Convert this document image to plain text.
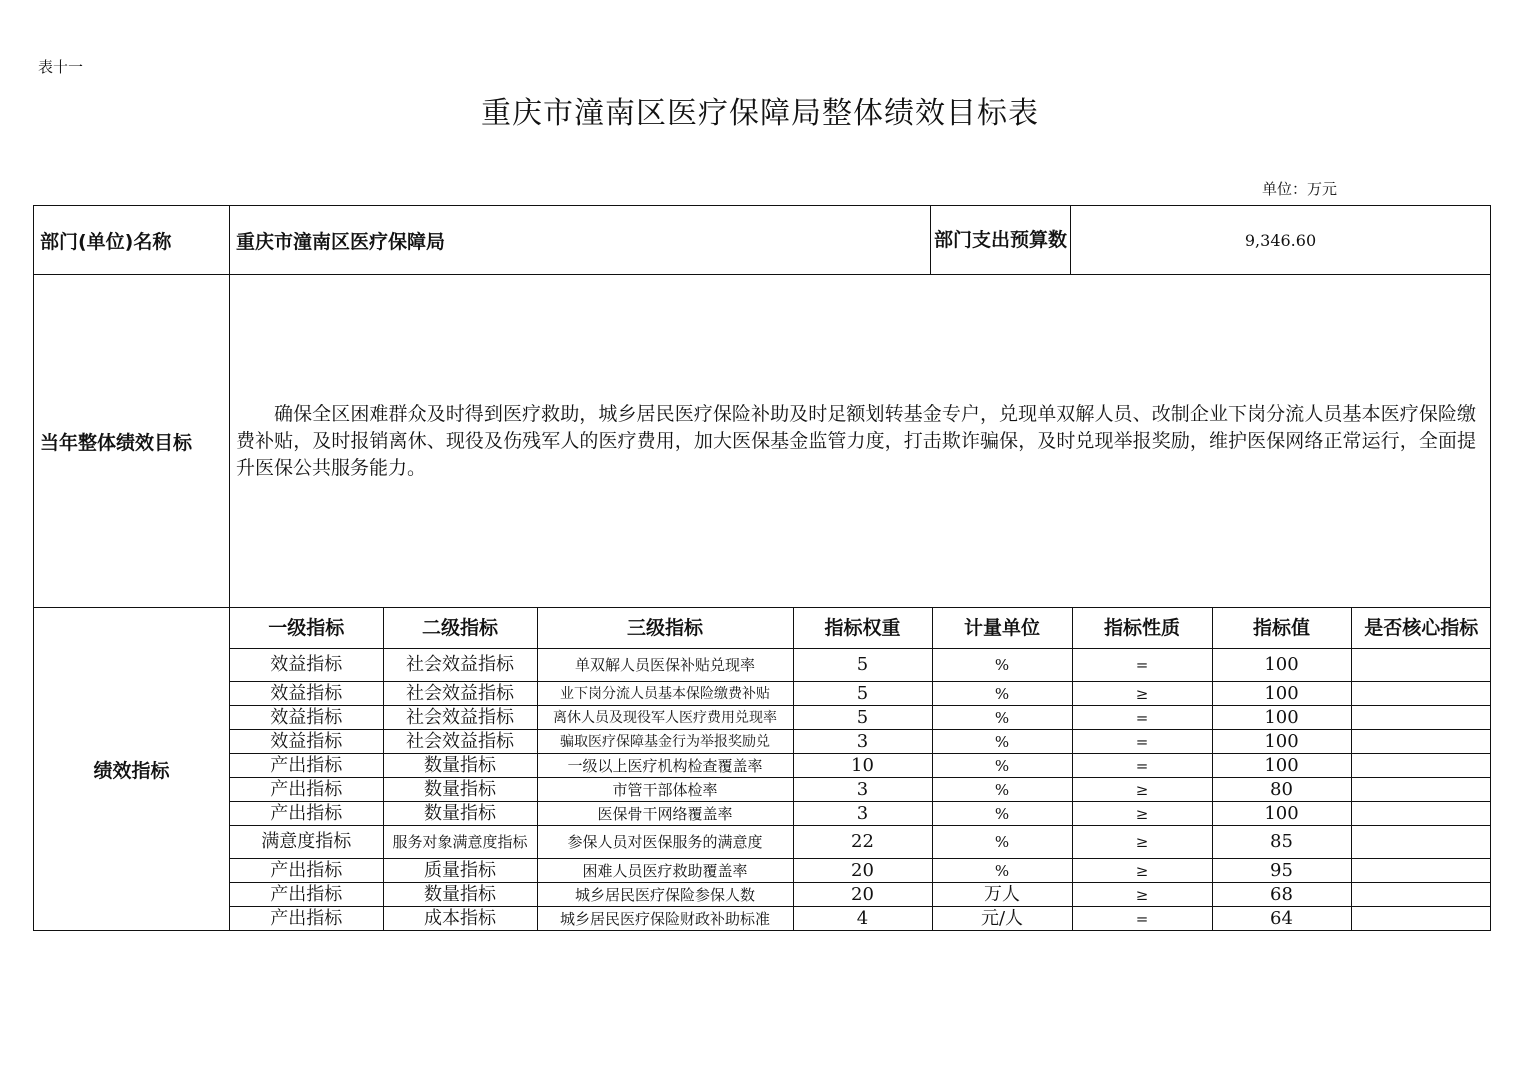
表十一
重庆市潼南区医疗保障局整体绩效目标表
单位：万元
部门(单位)名称	重庆市潼南区医疗保障局	部门支出预算数	9,346.60
当年整体绩效目标	确保全区困难群众及时得到医疗救助，城乡居民医疗保险补助及时足额划转基金专户，兑现单双解人员、改制企业下岗分流人员基本医疗保险缴费补贴，及时报销离休、现役及伤残军人的医疗费用，加大医保基金监管力度，打击欺诈骗保，及时兑现举报奖励，维护医保网络正常运行，全面提升医保公共服务能力。
绩效指标	
一级指标	二级指标	三级指标	指标权重	计量单位	指标性质	指标值	是否核心指标
效益指标	社会效益指标	单双解人员医保补贴兑现率	5	%	=	100	
效益指标	社会效益指标	业下岗分流人员基本保险缴费补贴	5	%	≥	100	
效益指标	社会效益指标	离休人员及现役军人医疗费用兑现率	5	%	=	100	
效益指标	社会效益指标	骗取医疗保障基金行为举报奖励兑	3	%	=	100	
产出指标	数量指标	一级以上医疗机构检查覆盖率	10	%	=	100	
产出指标	数量指标	市管干部体检率	3	%	≥	80	
产出指标	数量指标	医保骨干网络覆盖率	3	%	≥	100	
满意度指标	服务对象满意度指标	参保人员对医保服务的满意度	22	%	≥	85	
产出指标	质量指标	困难人员医疗救助覆盖率	20	%	≥	95	
产出指标	数量指标	城乡居民医疗保险参保人数	20	万人	≥	68	
产出指标	成本指标	城乡居民医疗保险财政补助标准	4	元/人	=	64	
